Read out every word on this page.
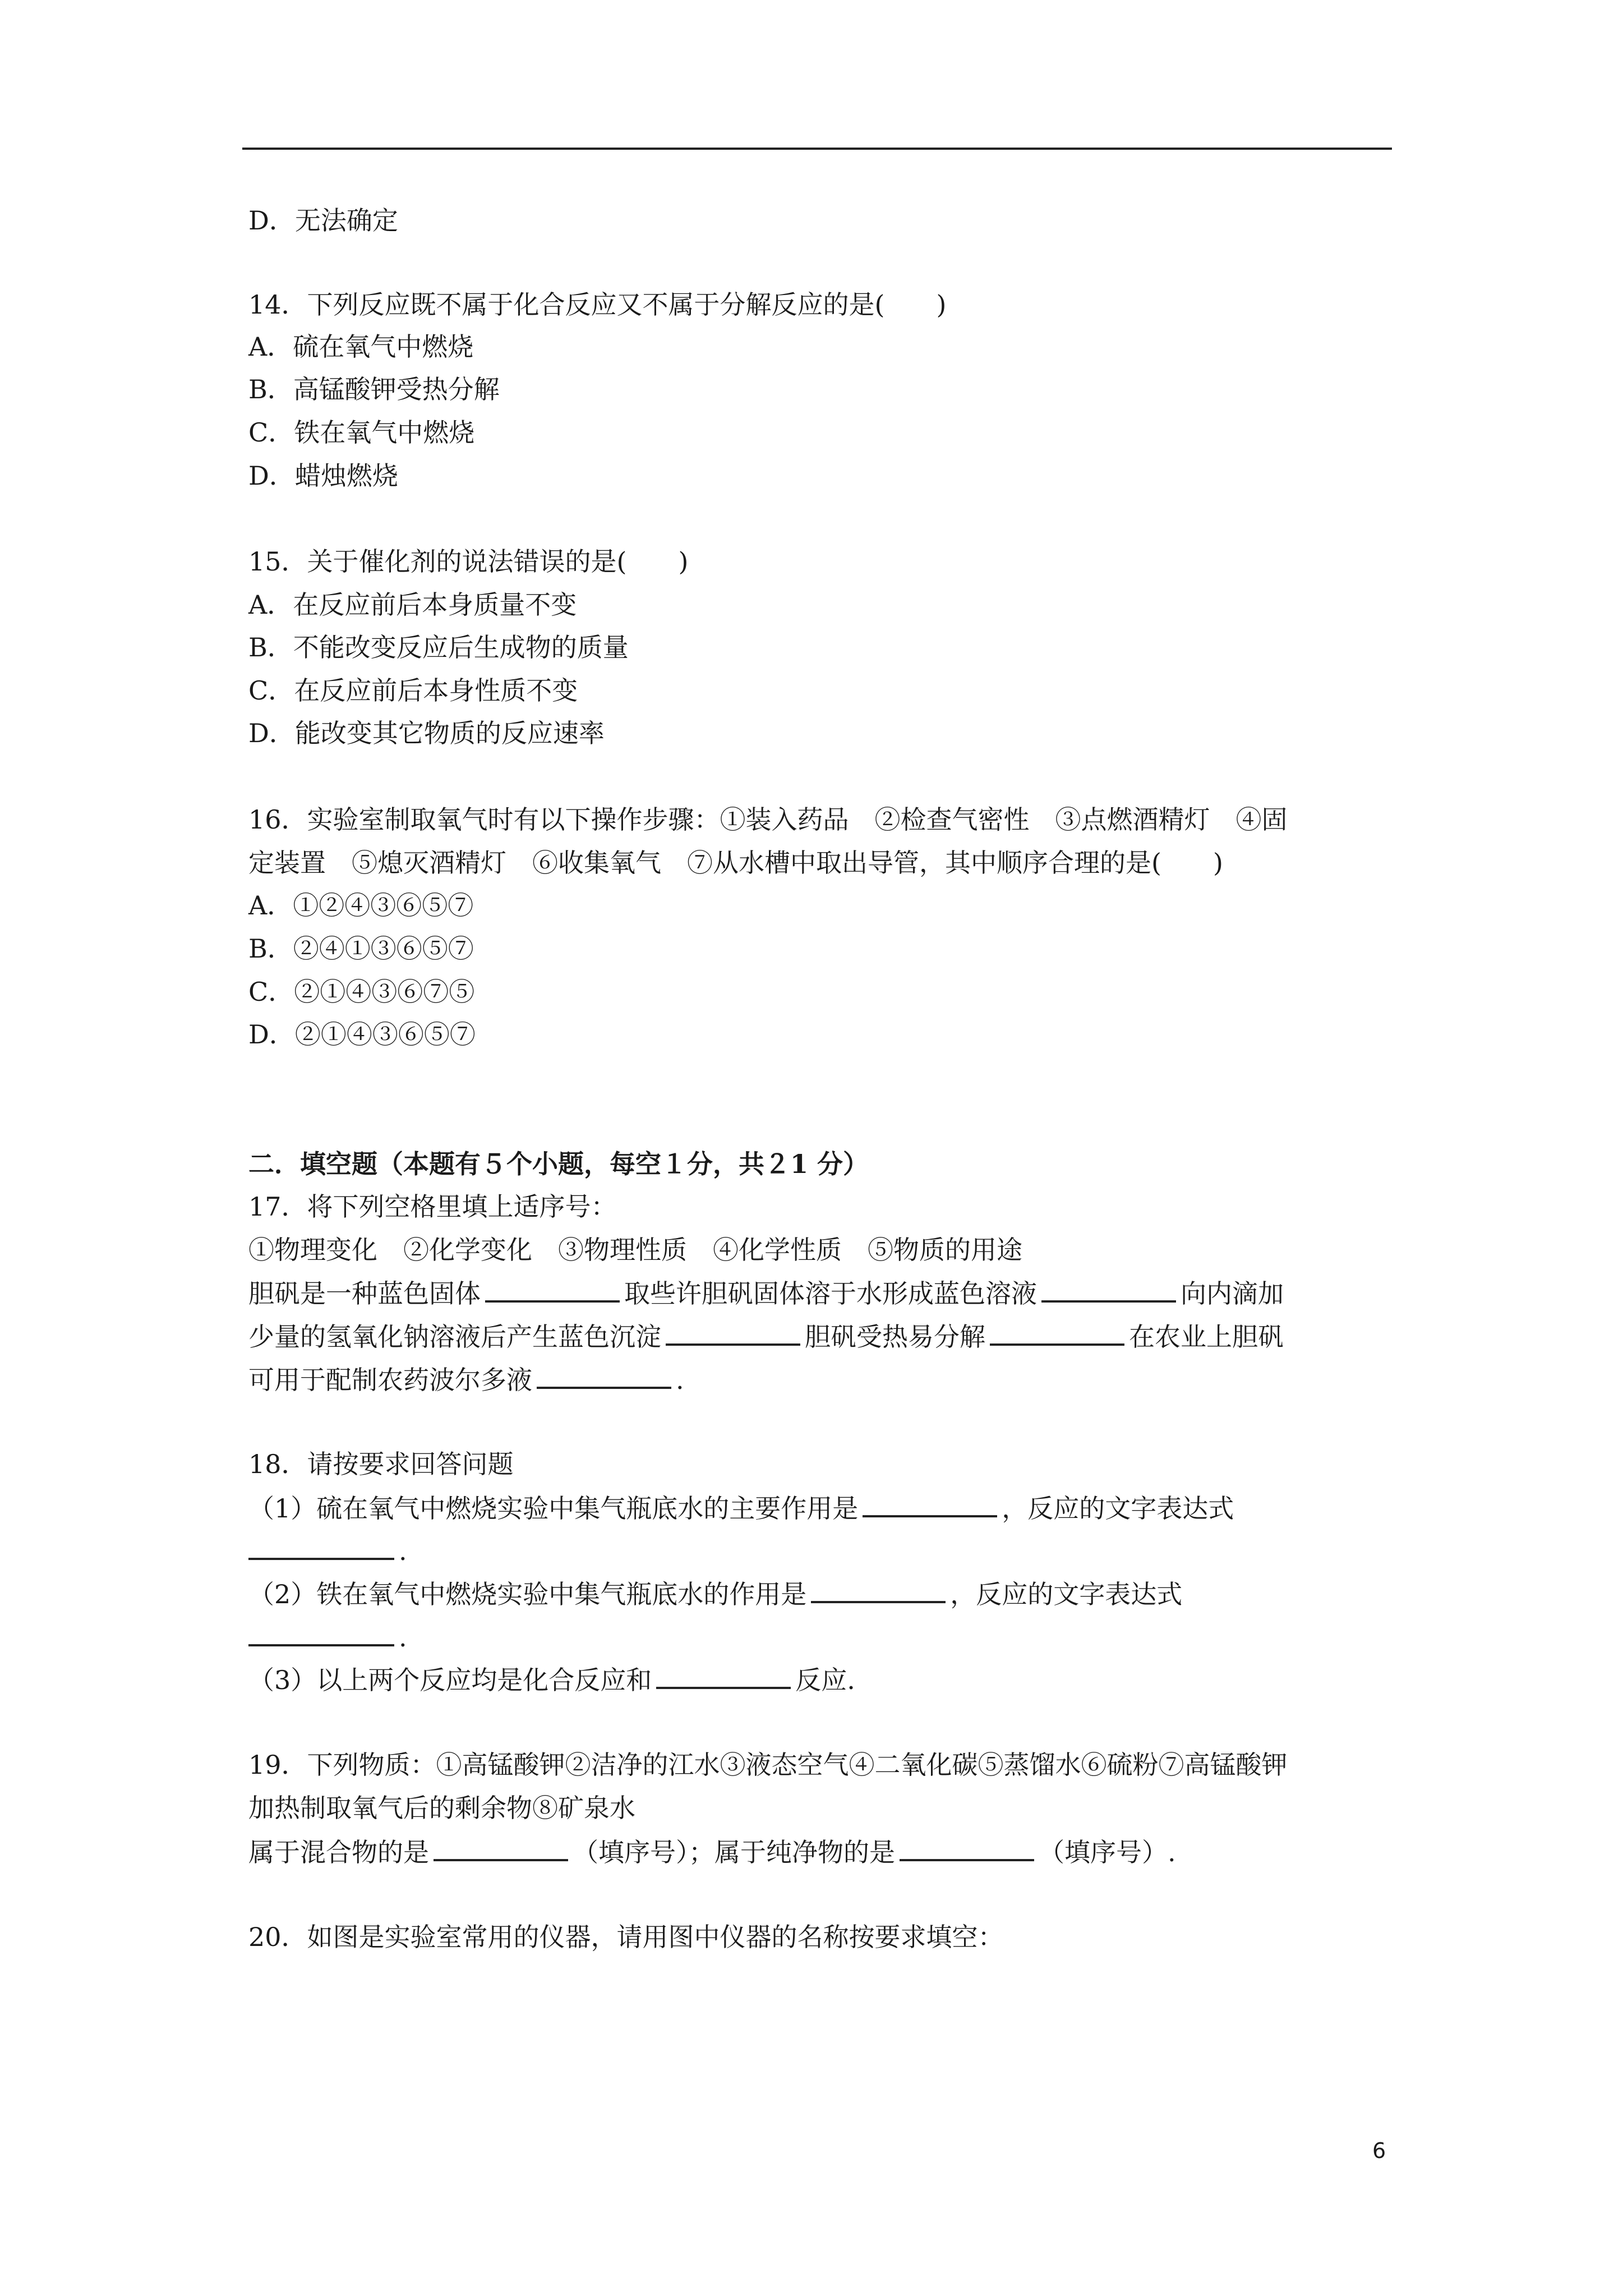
D．无法确定
14．下列反应既不属于化合反应又不属于分解反应的是(　　)
A．硫在氧气中燃烧
B．高锰酸钾受热分解
C．铁在氧气中燃烧
D．蜡烛燃烧
15．关于催化剂的说法错误的是(　　)
A．在反应前后本身质量不变
B．不能改变反应后生成物的质量
C．在反应前后本身性质不变
D．能改变其它物质的反应速率
16．实验室制取氧气时有以下操作步骤：①装入药品　②检查气密性　③点燃酒精灯　④固
定装置　⑤熄灭酒精灯　⑥收集氧气　⑦从水槽中取出导管，其中顺序合理的是(　　)
A．①②④③⑥⑤⑦
B．②④①③⑥⑤⑦
C．②①④③⑥⑦⑤
D．②①④③⑥⑤⑦
二．填空题（本题有５个小题，每空１分，共２1 分）
17．将下列空格里填上适序号：
①物理变化　②化学变化　③物理性质　④化学性质　⑤物质的用途
胆矾是一种蓝色固体	取些许胆矾固体溶于水形成蓝色溶液	向内滴加
少量的氢氧化钠溶液后产生蓝色沉淀	胆矾受热易分解	在农业上胆矾
可用于配制农药波尔多液	.
18．请按要求回答问题
（1）硫在氧气中燃烧实验中集气瓶底水的主要作用是	，反应的文字表达式
.
（2）铁在氧气中燃烧实验中集气瓶底水的作用是	，反应的文字表达式
.
（3）以上两个反应均是化合反应和	反应.
19．下列物质：①高锰酸钾②洁净的江水③液态空气④二氧化碳⑤蒸馏水⑥硫粉⑦高锰酸钾
加热制取氧气后的剩余物⑧矿泉水
属于混合物的是	（填序号）；属于纯净物的是	（填序号）.
20．如图是实验室常用的仪器，请用图中仪器的名称按要求填空：
6
